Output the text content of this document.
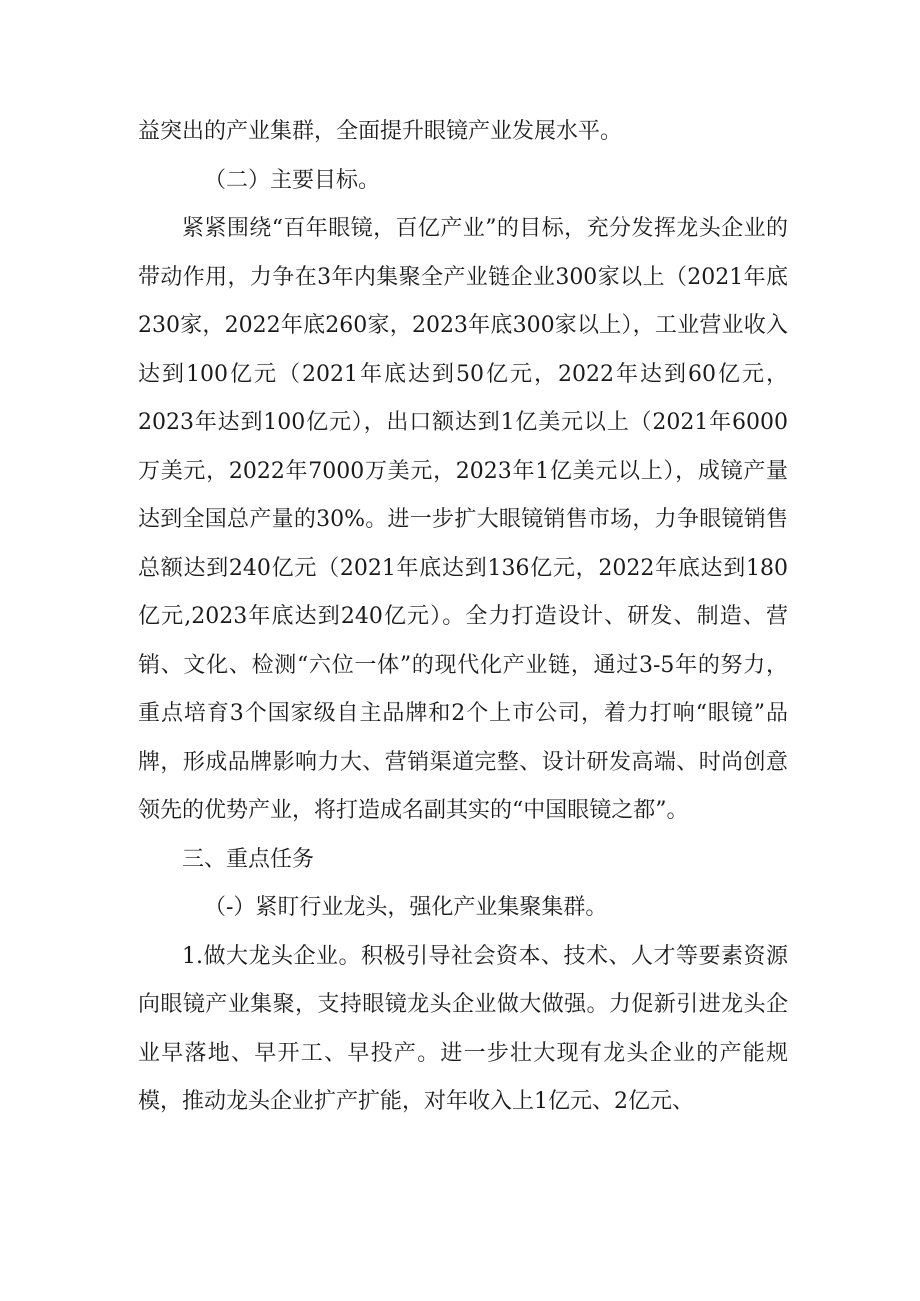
益突出的产业集群，全面提升眼镜产业发展水平。

（二）主要目标。

紧紧围绕“百年眼镜，百亿产业”的目标，充分发挥龙头企业的带动作用，力争在3年内集聚全产业链企业300家以上（2021年底230家，2022年底260家，2023年底300家以上），工业营业收入达到100亿元（2021年底达到50亿元，2022年达到60亿元，2023年达到100亿元），出口额达到1亿美元以上（2021年6000万美元，2022年7000万美元，2023年1亿美元以上），成镜产量达到全国总产量的30%。进一步扩大眼镜销售市场，力争眼镜销售总额达到240亿元（2021年底达到136亿元，2022年底达到180亿元,2023年底达到240亿元）。全力打造设计、研发、制造、营销、文化、检测“六位一体”的现代化产业链，通过3-5年的努力，重点培育3个国家级自主品牌和2个上市公司，着力打响“眼镜”品牌，形成品牌影响力大、营销渠道完整、设计研发高端、时尚创意领先的优势产业，将打造成名副其实的“中国眼镜之都”。

三、重点任务

（-）紧盯行业龙头，强化产业集聚集群。

1.做大龙头企业。积极引导社会资本、技术、人才等要素资源向眼镜产业集聚，支持眼镜龙头企业做大做强。力促新引进龙头企业早落地、早开工、早投产。进一步壮大现有龙头企业的产能规模，推动龙头企业扩产扩能，对年收入上1亿元、2亿元、
